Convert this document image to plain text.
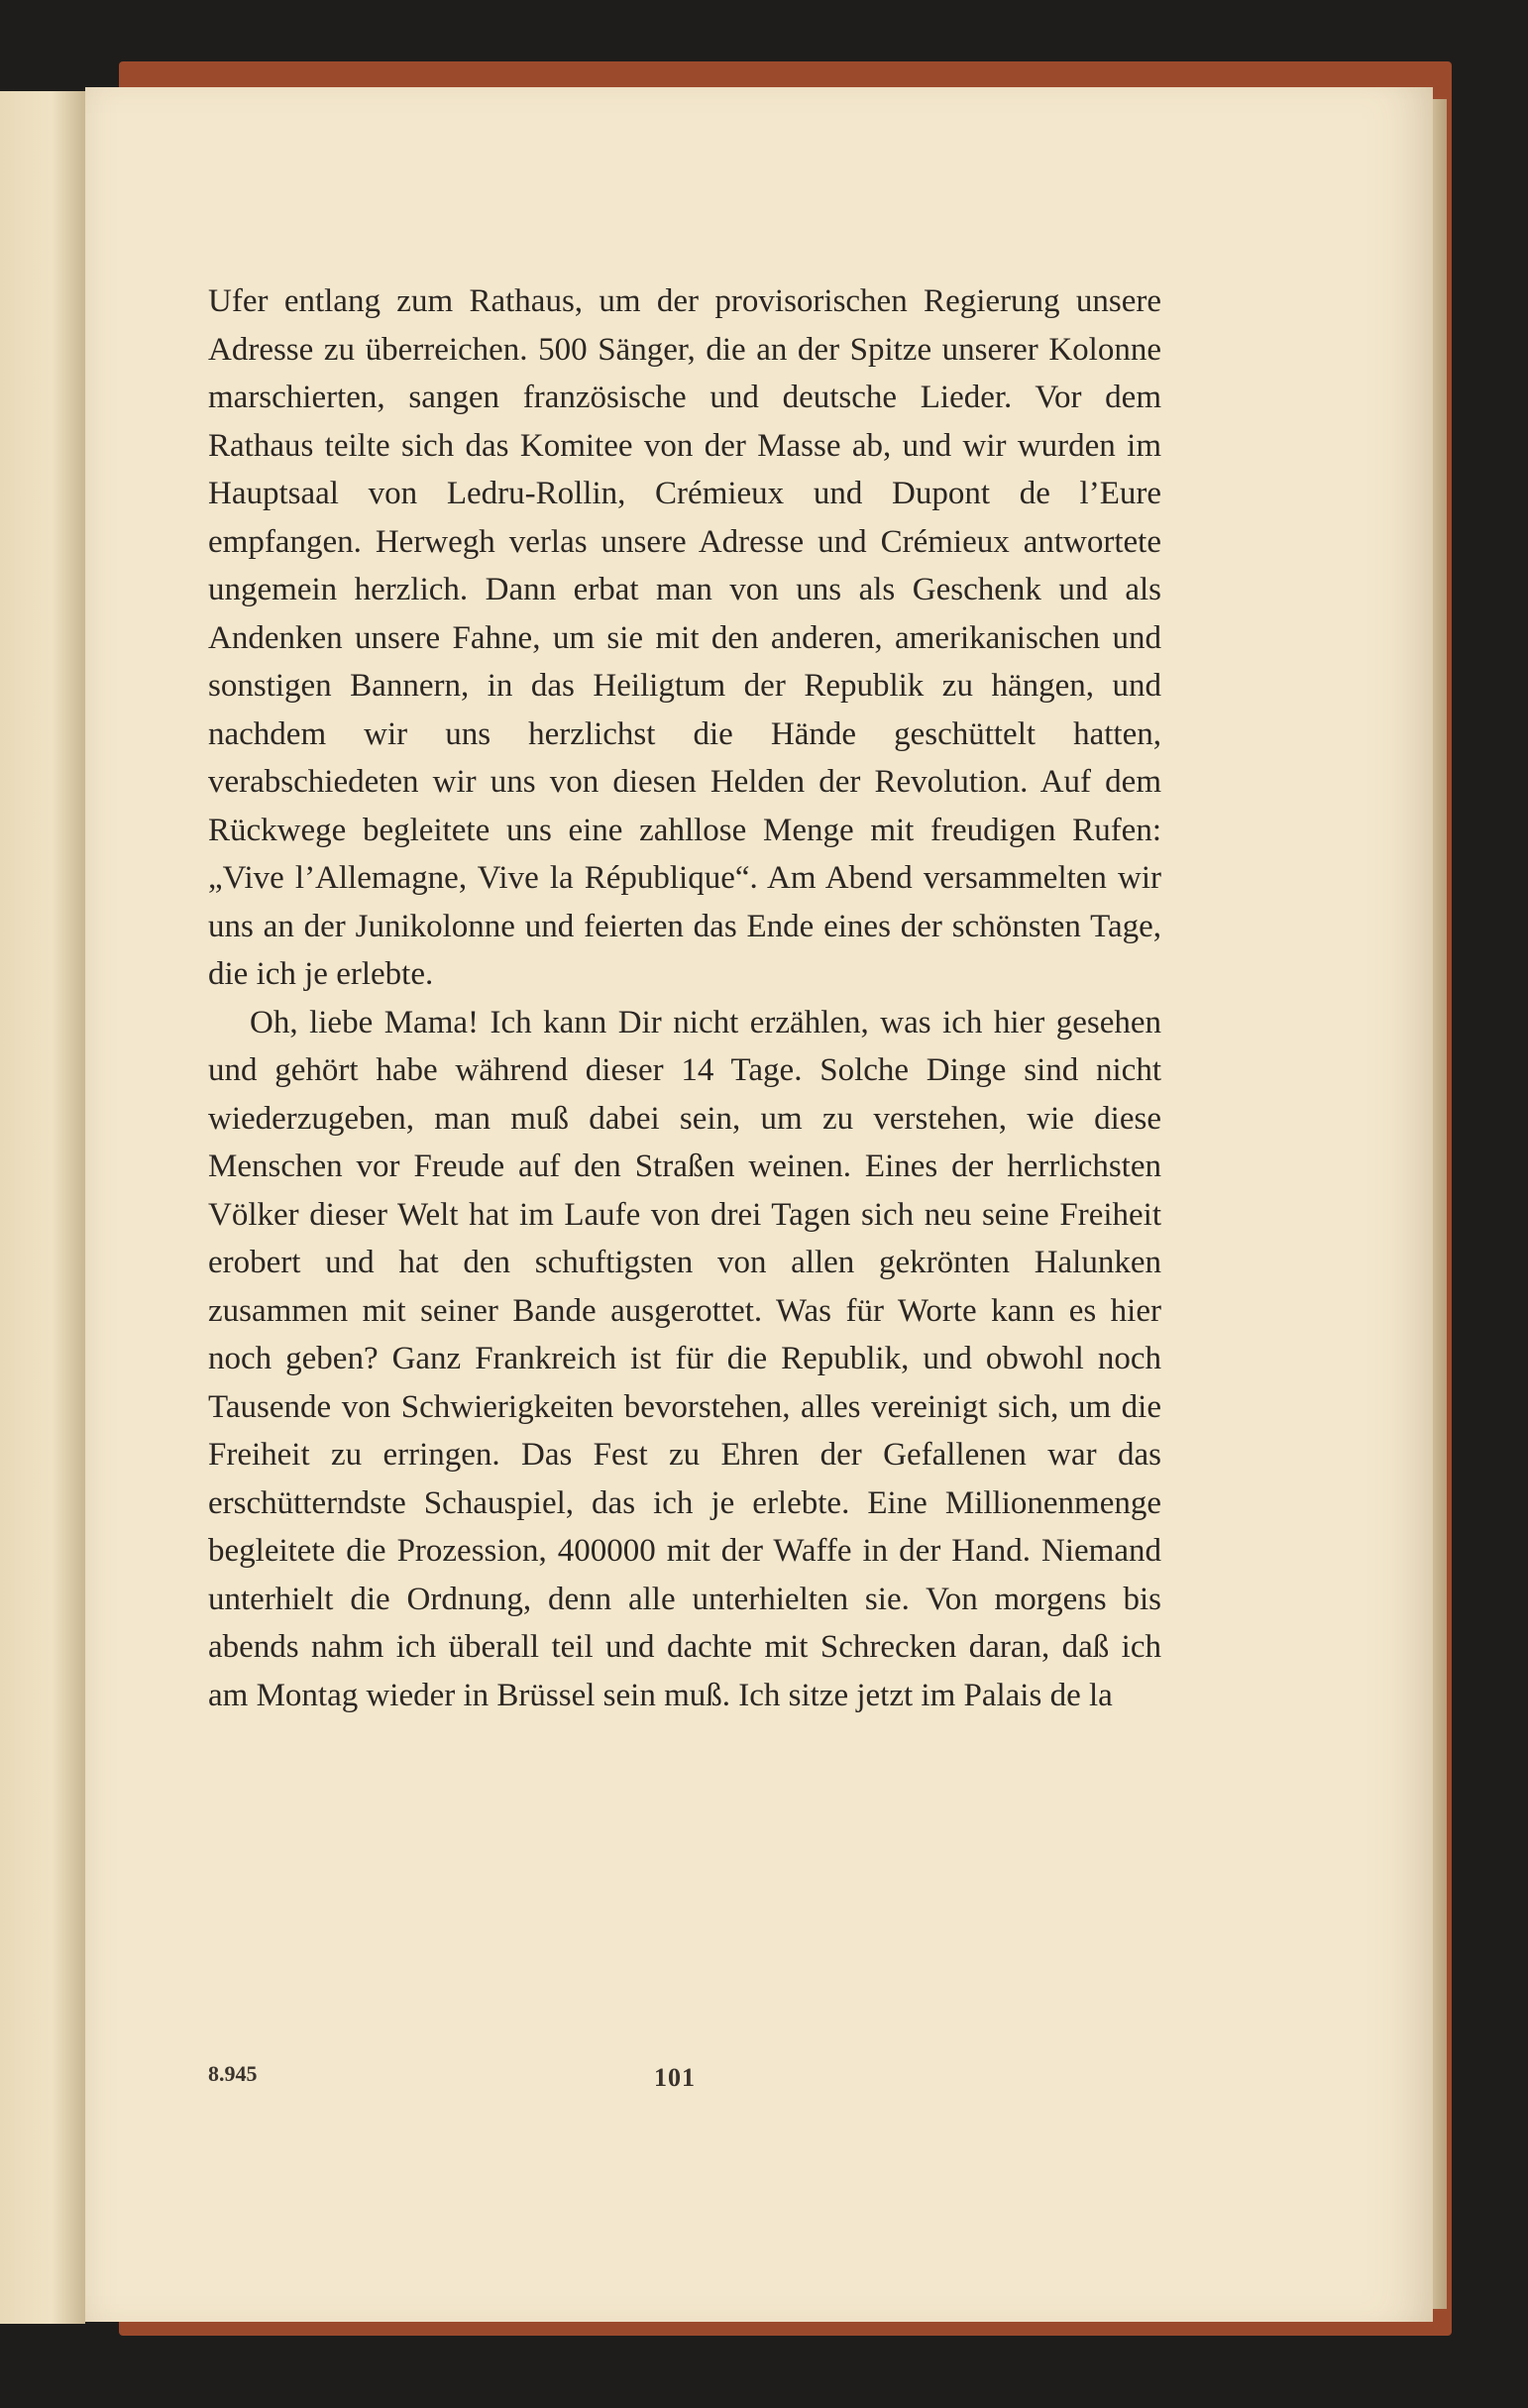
Ufer entlang zum Rathaus, um der provisorischen Regierung unsere Adresse zu überreichen. 500 Sänger, die an der Spitze unserer Kolonne marschierten, sangen französische und deutsche Lieder. Vor dem Rathaus teilte sich das Komitee von der Masse ab, und wir wurden im Hauptsaal von Ledru-Rollin, Crémieux und Dupont de l’Eure empfangen. Herwegh verlas unsere Adresse und Crémieux antwortete ungemein herzlich. Dann erbat man von uns als Geschenk und als Andenken unsere Fahne, um sie mit den anderen, amerikanischen und sonstigen Bannern, in das Heiligtum der Republik zu hängen, und nachdem wir uns herzlichst die Hände geschüttelt hatten, verabschiedeten wir uns von diesen Helden der Revolution. Auf dem Rückwege begleitete uns eine zahllose Menge mit freudigen Rufen: „Vive l’Allemagne, Vive la République“. Am Abend versammelten wir uns an der Junikolonne und feierten das Ende eines der schönsten Tage, die ich je erlebte.

Oh, liebe Mama! Ich kann Dir nicht erzählen, was ich hier gesehen und gehört habe während dieser 14 Tage. Solche Dinge sind nicht wiederzugeben, man muß dabei sein, um zu verstehen, wie diese Menschen vor Freude auf den Straßen weinen. Eines der herrlichsten Völker dieser Welt hat im Laufe von drei Tagen sich neu seine Freiheit erobert und hat den schuftigsten von allen gekrönten Halunken zusammen mit seiner Bande ausgerottet. Was für Worte kann es hier noch geben? Ganz Frankreich ist für die Republik, und obwohl noch Tausende von Schwierigkeiten bevorstehen, alles vereinigt sich, um die Freiheit zu erringen. Das Fest zu Ehren der Gefallenen war das erschütterndste Schauspiel, das ich je erlebte. Eine Millionenmenge begleitete die Prozession, 400000 mit der Waffe in der Hand. Niemand unterhielt die Ordnung, denn alle unterhielten sie. Von morgens bis abends nahm ich überall teil und dachte mit Schrecken daran, daß ich am Montag wieder in Brüssel sein muß. Ich sitze jetzt im Palais de la

8.945	101
